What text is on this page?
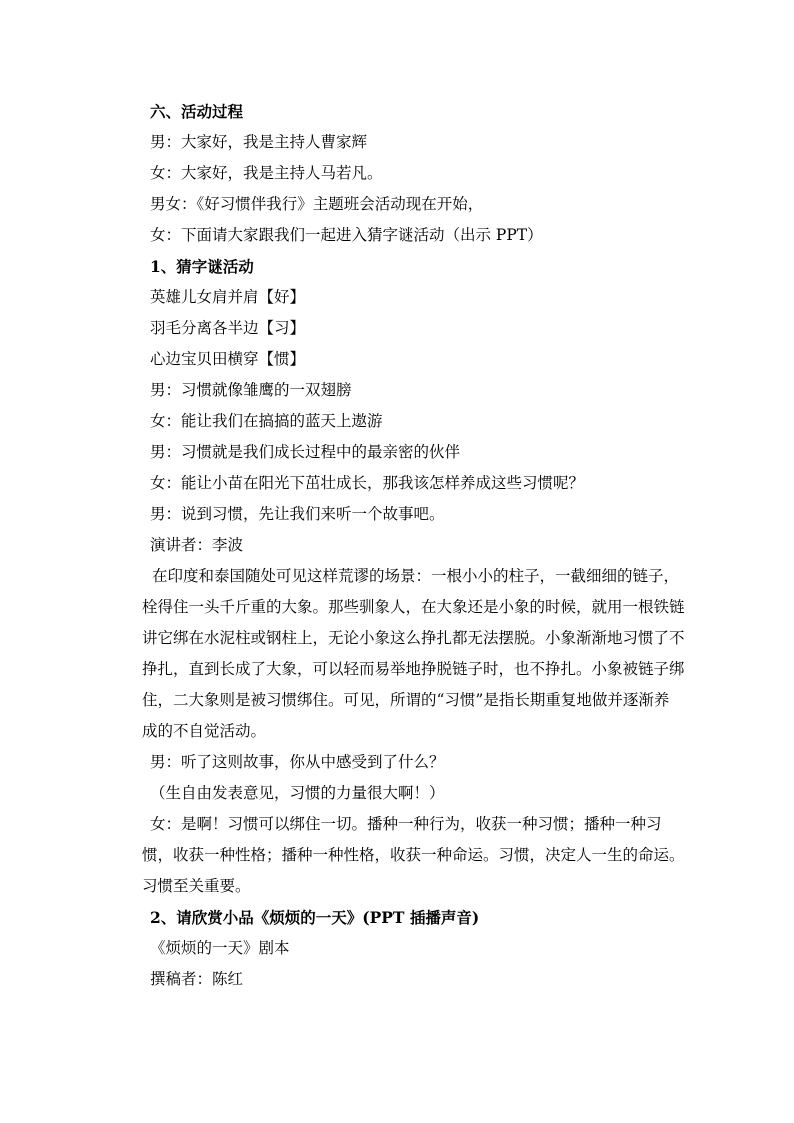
六、活动过程

男：大家好，我是主持人曹家辉

女：大家好，我是主持人马若凡。

男女：《好习惯伴我行》主题班会活动现在开始，

女：下面请大家跟我们一起进入猜字谜活动（出示 PPT）

1、猜字谜活动

英雄儿女肩并肩【好】

羽毛分离各半边【习】

心边宝贝田横穿【惯】

男：习惯就像雏鹰的一双翅膀

女：能让我们在搞搞的蓝天上遨游

男：习惯就是我们成长过程中的最亲密的伙伴

女：能让小苗在阳光下茁壮成长，那我该怎样养成这些习惯呢？

男：说到习惯，先让我们来听一个故事吧。

演讲者：李波

在印度和泰国随处可见这样荒谬的场景：一根小小的柱子，一截细细的链子，

栓得住一头千斤重的大象。那些驯象人，在大象还是小象的时候，就用一根铁链

讲它绑在水泥柱或钢柱上，无论小象这么挣扎都无法摆脱。小象渐渐地习惯了不

挣扎，直到长成了大象，可以轻而易举地挣脱链子时，也不挣扎。小象被链子绑

住，二大象则是被习惯绑住。可见，所谓的“习惯”是指长期重复地做并逐渐养

成的不自觉活动。

男：听了这则故事，你从中感受到了什么？

（生自由发表意见，习惯的力量很大啊！）

女：是啊！习惯可以绑住一切。播种一种行为，收获一种习惯；播种一种习

惯，收获一种性格；播种一种性格，收获一种命运。习惯，决定人一生的命运。

习惯至关重要。

2、请欣赏小品《烦烦的一天》(PPT 插播声音)

《烦烦的一天》剧本

撰稿者：陈红
